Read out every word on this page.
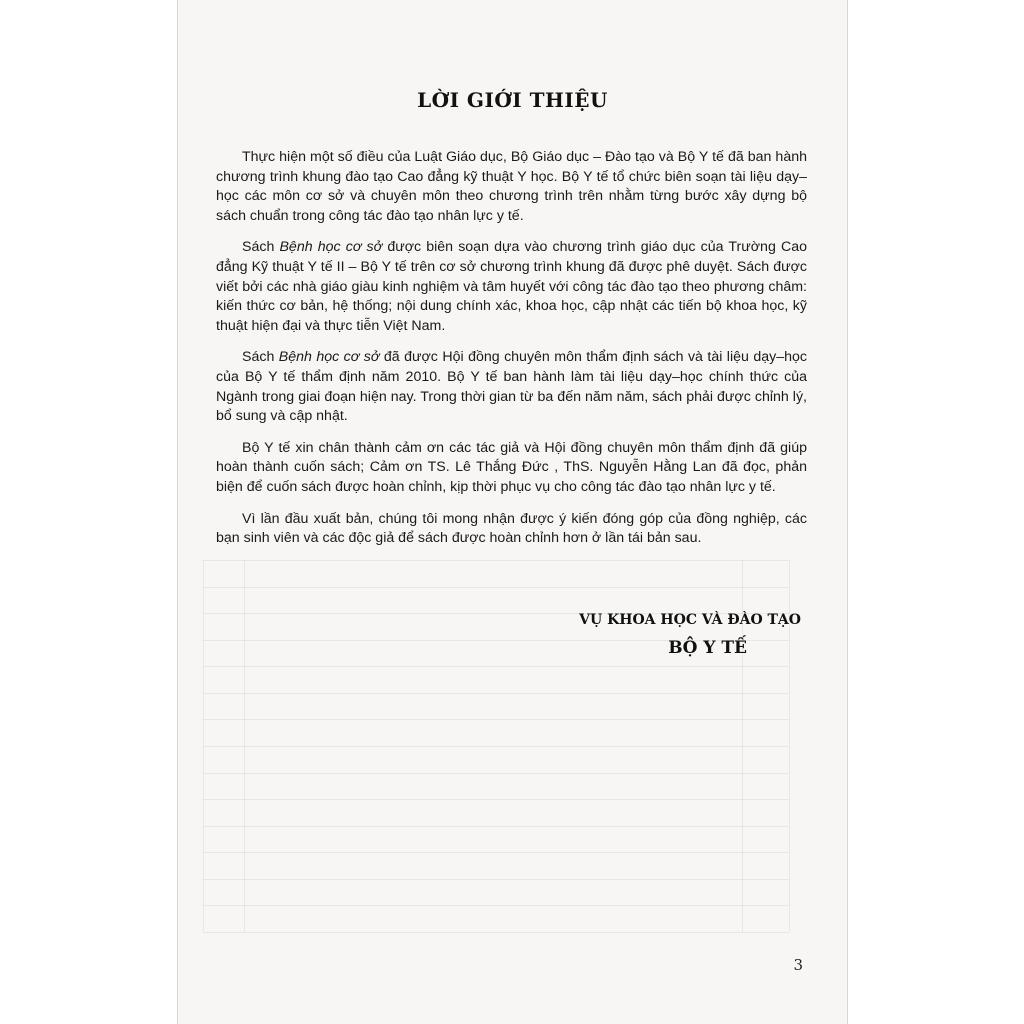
LỜI GIỚI THIỆU

Thực hiện một số điều của Luật Giáo dục, Bộ Giáo dục – Đào tạo và Bộ Y tế đã ban hành chương trình khung đào tạo Cao đẳng kỹ thuật Y học. Bộ Y tế tổ chức biên soạn tài liệu dạy–học các môn cơ sở và chuyên môn theo chương trình trên nhằm từng bước xây dựng bộ sách chuẩn trong công tác đào tạo nhân lực y tế.

Sách Bệnh học cơ sở được biên soạn dựa vào chương trình giáo dục của Trường Cao đẳng Kỹ thuật Y tế II – Bộ Y tế trên cơ sở chương trình khung đã được phê duyệt. Sách được viết bởi các nhà giáo giàu kinh nghiệm và tâm huyết với công tác đào tạo theo phương châm: kiến thức cơ bản, hệ thống; nội dung chính xác, khoa học, cập nhật các tiến bộ khoa học, kỹ thuật hiện đại và thực tiễn Việt Nam.

Sách Bệnh học cơ sở đã được Hội đồng chuyên môn thẩm định sách và tài liệu dạy–học của Bộ Y tế thẩm định năm 2010. Bộ Y tế ban hành làm tài liệu dạy–học chính thức của Ngành trong giai đoạn hiện nay. Trong thời gian từ ba đến năm năm, sách phải được chỉnh lý, bổ sung và cập nhật.

Bộ Y tế xin chân thành cảm ơn các tác giả và Hội đồng chuyên môn thẩm định đã giúp hoàn thành cuốn sách; Cảm ơn TS. Lê Thắng Đức , ThS. Nguyễn Hằng Lan đã đọc, phản biện để cuốn sách được hoàn chỉnh, kịp thời phục vụ cho công tác đào tạo nhân lực y tế.

Vì lần đầu xuất bản, chúng tôi mong nhận được ý kiến đóng góp của đồng nghiệp, các bạn sinh viên và các độc giả để sách được hoàn chỉnh hơn ở lần tái bản sau.

VỤ KHOA HỌC VÀ ĐÀO TẠO
BỘ Y TẾ
3
